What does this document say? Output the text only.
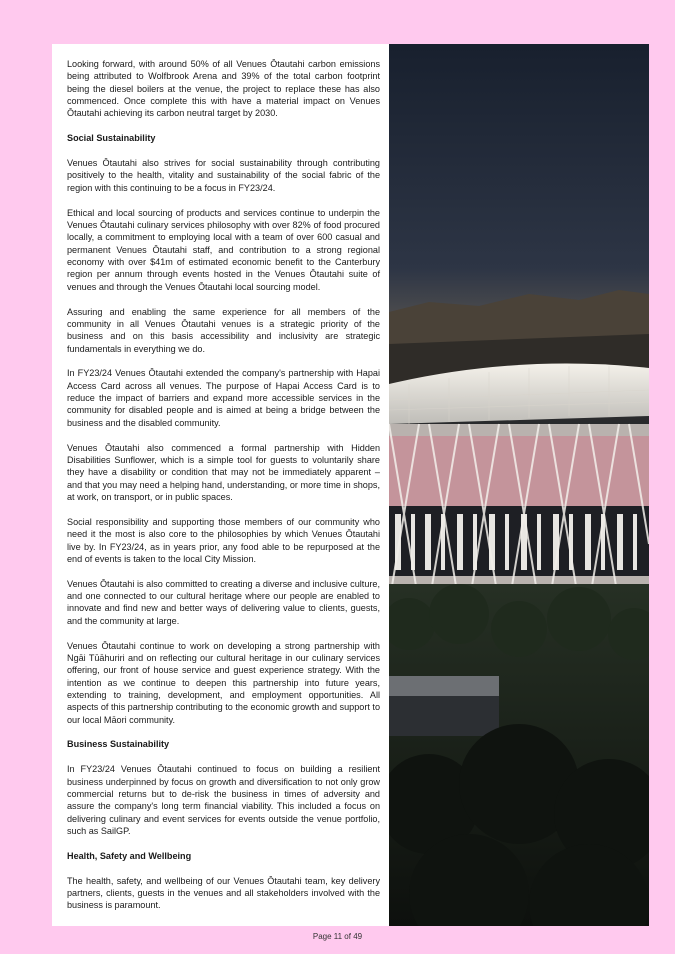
Looking forward, with around 50% of all Venues Ōtautahi carbon emissions being attributed to Wolfbrook Arena and 39% of the total carbon footprint being the diesel boilers at the venue, the project to replace these has also commenced. Once complete this with have a material impact on Venues Ōtautahi achieving its carbon neutral target by 2030.

Social Sustainability

Venues Ōtautahi also strives for social sustainability through contributing positively to the health, vitality and sustainability of the social fabric of the region with this continuing to be a focus in FY23/24.

Ethical and local sourcing of products and services continue to underpin the Venues Ōtautahi culinary services philosophy with over 82% of food procured locally, a commitment to employing local with a team of over 600 casual and permanent Venues Ōtautahi staff, and contribution to a strong regional economy with over $41m of estimated economic benefit to the Canterbury region per annum through events hosted in the Venues Ōtautahi suite of venues and through the Venues Ōtautahi local sourcing model.

Assuring and enabling the same experience for all members of the community in all Venues Ōtautahi venues is a strategic priority of the business and on this basis accessibility and inclusivity are strategic fundamentals in everything we do.

In FY23/24 Venues Ōtautahi extended the company's partnership with Hapai Access Card across all venues. The purpose of Hapai Access Card is to reduce the impact of barriers and expand more accessible services in the community for disabled people and is aimed at being a bridge between the business and the disabled community.

Venues Ōtautahi also commenced a formal partnership with Hidden Disabilities Sunflower, which is a simple tool for guests to voluntarily share they have a disability or condition that may not be immediately apparent – and that you may need a helping hand, understanding, or more time in shops, at work, on transport, or in public spaces.

Social responsibility and supporting those members of our community who need it the most is also core to the philosophies by which Venues Ōtautahi live by. In FY23/24, as in years prior, any food able to be repurposed at the end of events is taken to the local City Mission.

Venues Ōtautahi is also committed to creating a diverse and inclusive culture, and one connected to our cultural heritage where our people are enabled to innovate and find new and better ways of delivering value to clients, guests, and the community at large.

Venues Ōtautahi continue to work on developing a strong partnership with Ngāi Tūāhuriri and on reflecting our cultural heritage in our culinary services offering, our front of house service and guest experience strategy. With the intention as we continue to deepen this partnership into future years, extending to training, development, and employment opportunities. All aspects of this partnership contributing to the economic growth and support to our local Māori community.

Business Sustainability

In FY23/24 Venues Ōtautahi continued to focus on building a resilient business underpinned by focus on growth and diversification to not only grow commercial returns but to de-risk the business in times of adversity and assure the company's long term financial viability. This included a focus on delivering culinary and event services for events outside the venue portfolio, such as SailGP.

Health, Safety and Wellbeing

The health, safety, and wellbeing of our Venues Ōtautahi team, key delivery partners, clients, guests in the venues and all stakeholders involved with the business is paramount.

Page 11 of 49
